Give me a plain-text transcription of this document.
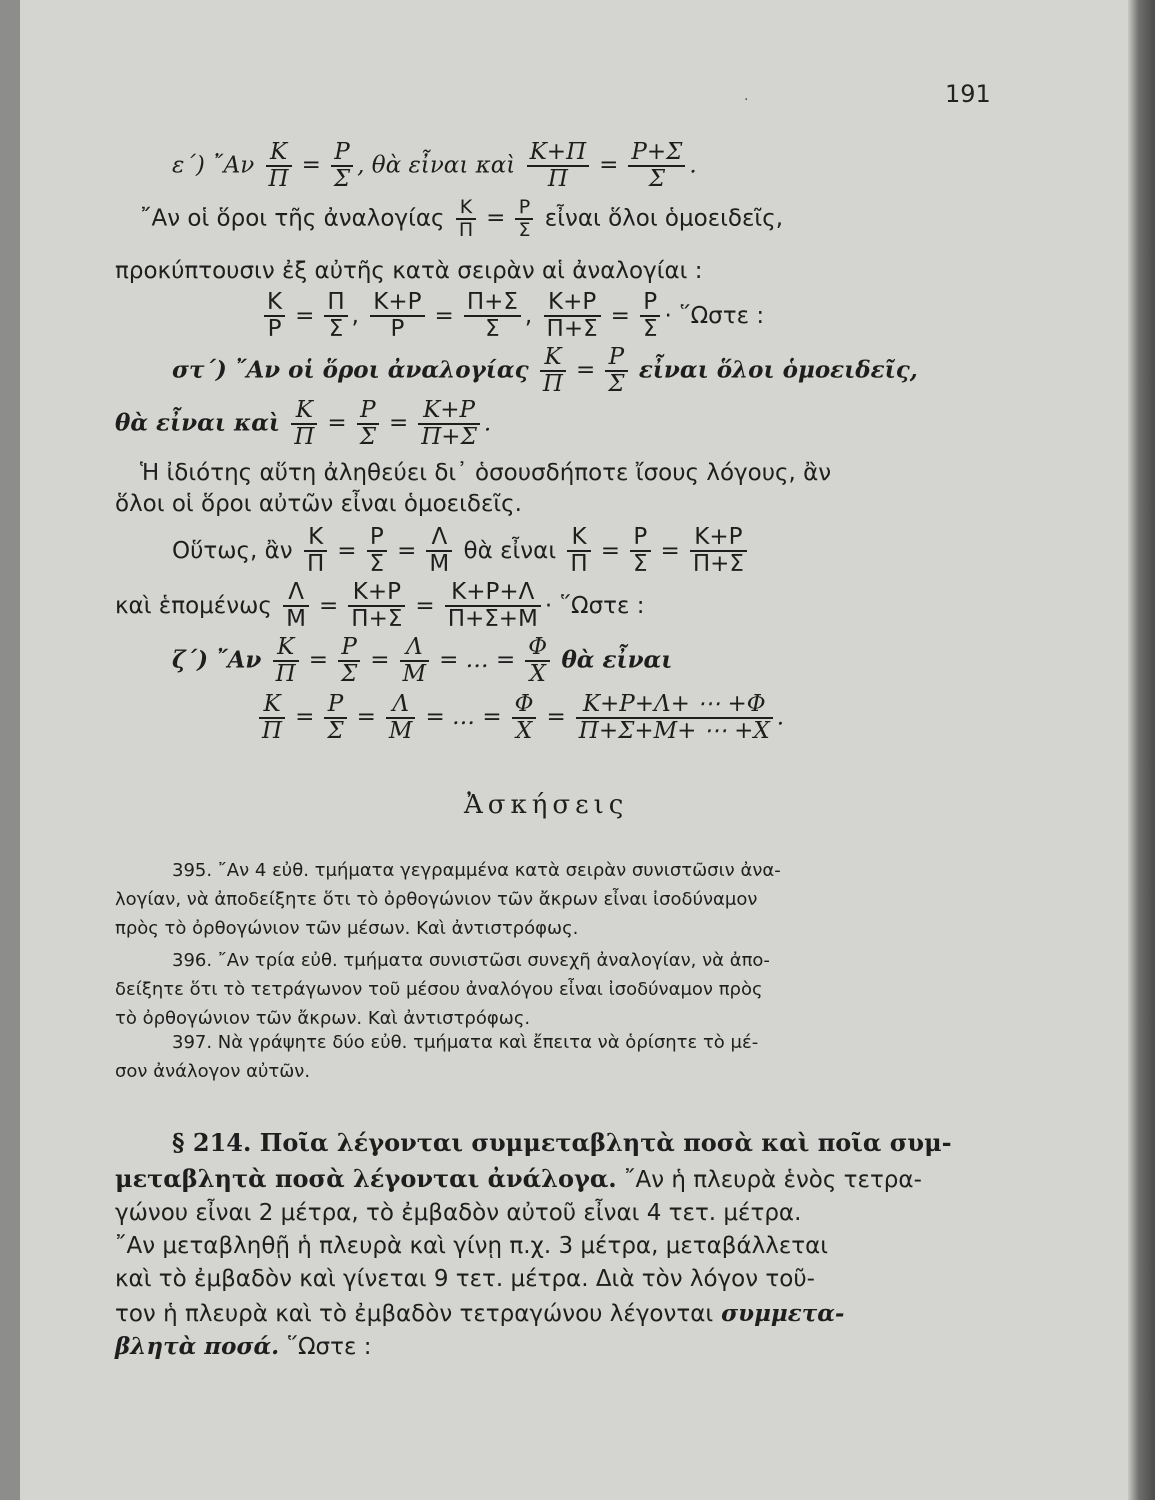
·	191
ε΄) ῎Αν $\frac{K}{\Pi} = \frac{P}{\Sigma}$ , θὰ εἶναι καὶ $\frac{K+\Pi}{\Pi} = \frac{P+\Sigma}{\Sigma}$ .
῎Αν οἱ ὅροι τῆς ἀναλογίας $\frac{K}{\Pi} = \frac{P}{\Sigma}$ εἶναι ὅλοι ὁμοειδεῖς,
προκύπτουσιν ἐξ αὐτῆς κατὰ σειρὰν αἱ ἀναλογίαι :
$\frac{K}{P} = \frac{\Pi}{\Sigma}$ , $\frac{K+P}{P} = \frac{\Pi+\Sigma}{\Sigma}$ , $\frac{K+P}{\Pi+\Sigma} = \frac{P}{\Sigma}$ · ῞Ωστε :
στ΄) ῎Αν οἱ ὅροι ἀναλογίας $\frac{K}{\Pi} = \frac{P}{\Sigma}$ εἶναι ὅλοι ὁμοειδεῖς,
θὰ εἶναι καὶ $\frac{K}{\Pi} = \frac{P}{\Sigma} = \frac{K+P}{\Pi+\Sigma}$ .
Ἡ ἰδιότης αὕτη ἀληθεύει δι᾿ ὁσουσδήποτε ἴσους λόγους, ἂν
ὅλοι οἱ ὅροι αὐτῶν εἶναι ὁμοειδεῖς.
Οὕτως, ἂν $\frac{K}{\Pi} = \frac{P}{\Sigma} = \frac{\Lambda}{M}$ θὰ εἶναι $\frac{K}{\Pi} = \frac{P}{\Sigma} = \frac{K+P}{\Pi+\Sigma}$
καὶ ἑπομένως $\frac{\Lambda}{M} = \frac{K+P}{\Pi+\Sigma} = \frac{K+P+\Lambda}{\Pi+\Sigma+M}$ · ῞Ωστε :
ζ΄) ῎Αν $\frac{K}{\Pi} = \frac{P}{\Sigma} = \frac{\Lambda}{M}$ = … = $\frac{\Phi}{X}$ θὰ εἶναι
$\frac{K}{\Pi} = \frac{P}{\Sigma} = \frac{\Lambda}{M}$ = … = $\frac{\Phi}{X} = \frac{K+P+\Lambda+ \cdots +\Phi}{\Pi+\Sigma+M+ \cdots +X}$ .
Ἀσκήσεις
395. ῎Αν 4 εὐθ. τμήματα γεγραμμένα κατὰ σειρὰν συνιστῶσιν ἀνα-
λογίαν, νὰ ἀποδείξητε ὅτι τὸ ὀρθογώνιον τῶν ἄκρων εἶναι ἰσοδύναμον
πρὸς τὸ ὀρθογώνιον τῶν μέσων. Καὶ ἀντιστρόφως.
396. ῎Αν τρία εὐθ. τμήματα συνιστῶσι συνεχῆ ἀναλογίαν, νὰ ἀπο-
δείξητε ὅτι τὸ τετράγωνον τοῦ μέσου ἀναλόγου εἶναι ἰσοδύναμον πρὸς
τὸ ὀρθογώνιον τῶν ἄκρων. Καὶ ἀντιστρόφως.
397. Νὰ γράψητε δύο εὐθ. τμήματα καὶ ἔπειτα νὰ ὁρίσητε τὸ μέ-
σον ἀνάλογον αὐτῶν.
§ 214. Ποῖα λέγονται συμμεταβλητὰ ποσὰ καὶ ποῖα συμ-
μεταβλητὰ ποσὰ λέγονται ἀνάλογα. ῎Αν ἡ πλευρὰ ἑνὸς τετρα-
γώνου εἶναι 2 μέτρα, τὸ ἐμβαδὸν αὐτοῦ εἶναι 4 τετ. μέτρα.
῎Αν μεταβληθῇ ἡ πλευρὰ καὶ γίνῃ π.χ. 3 μέτρα, μεταβάλλεται
καὶ τὸ ἐμβαδὸν καὶ γίνεται 9 τετ. μέτρα. Διὰ τὸν λόγον τοῦ-
τον ἡ πλευρὰ καὶ τὸ ἐμβαδὸν τετραγώνου λέγονται συμμετα-
βλητὰ ποσά. ῞Ωστε :
